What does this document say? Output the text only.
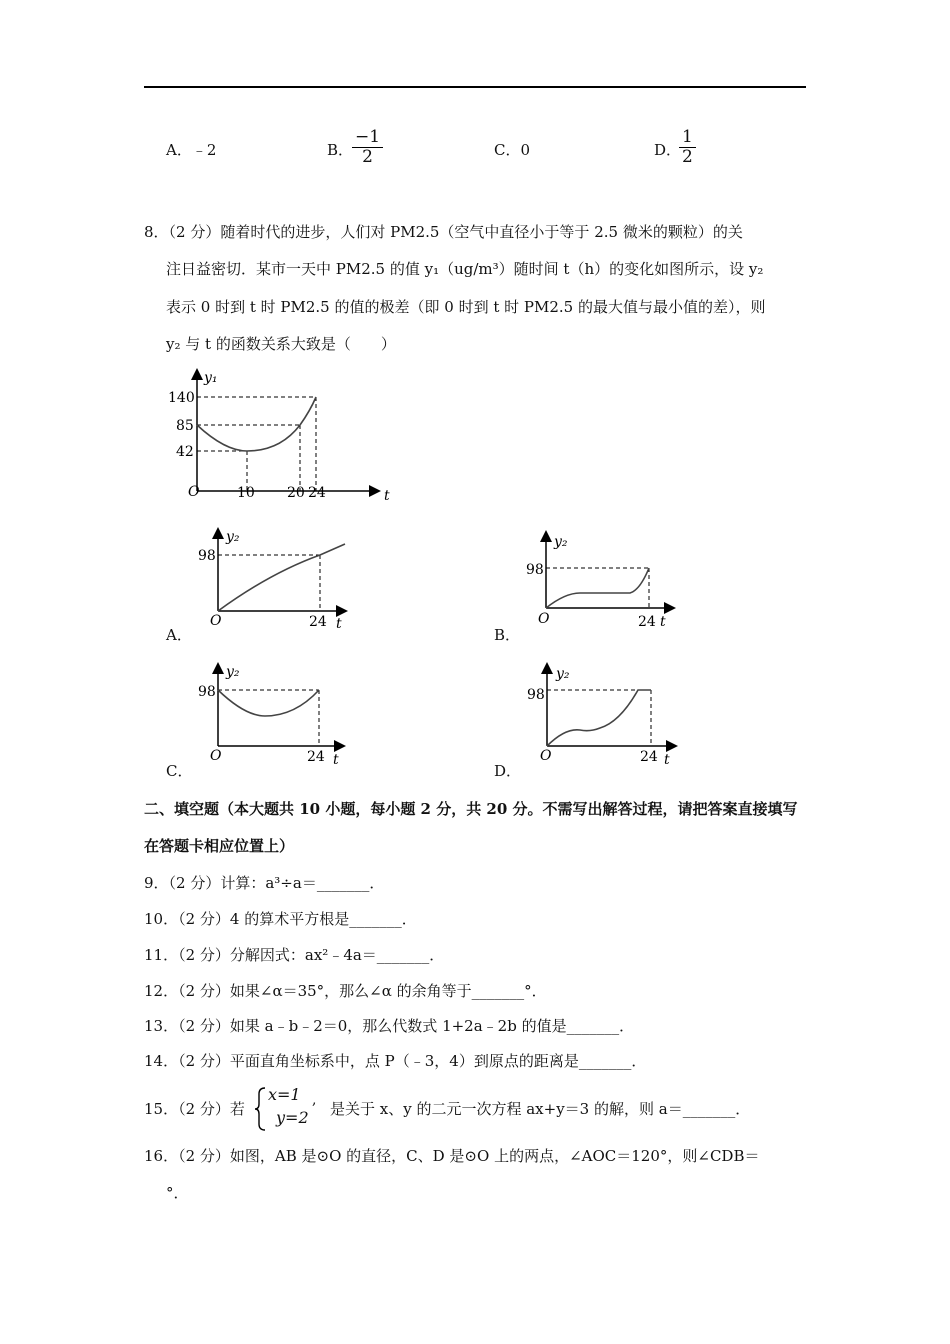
A．﹣2	B．
$\frac{-1}{2}$	C．0	D．
$\frac{1}{2}$
8．（2 分）随着时代的进步，人们对 PM2.5（空气中直径小于等于 2.5 微米的颗粒）的关
注日益密切．某市一天中 PM2.5 的值 y₁（ug/m³）随时间 t（h）的变化如图所示，设 y₂
表示 0 时到 t 时 PM2.5 的值的极差（即 0 时到 t 时 PM2.5 的最大值与最小值的差），则
y₂ 与 t 的函数关系大致是（　　）
y₁
t
O
140
85
42
10 20 24
y₂
t
O
98
24
A．
y₂
t
O
98
24
B．
y₂
t
O
98
24
C．
y₂
t
O
98
24
D．
二、填空题（本大题共 10 小题，每小题 2 分，共 20 分。不需写出解答过程，请把答案直接填写在答题卡相应位置上）
9．（2 分）计算：a³÷a＝_______．
10．（2 分）4 的算术平方根是_______．
11．（2 分）分解因式：ax²﹣4a＝_______．
12．（2 分）如果∠α＝35°，那么∠α 的余角等于_______°．
13．（2 分）如果 a﹣b﹣2＝0，那么代数式 1+2a﹣2b 的值是_______．
14．（2 分）平面直角坐标系中，点 P（﹣3，4）到原点的距离是_______．
15．（2 分）若
x=1 ,
y=2 是关于 x、y 的二元一次方程 ax+y＝3 的解，则 a＝_______．
16．（2 分）如图，AB 是⊙O 的直径，C、D 是⊙O 上的两点，∠AOC＝120°，则∠CDB＝
°．
